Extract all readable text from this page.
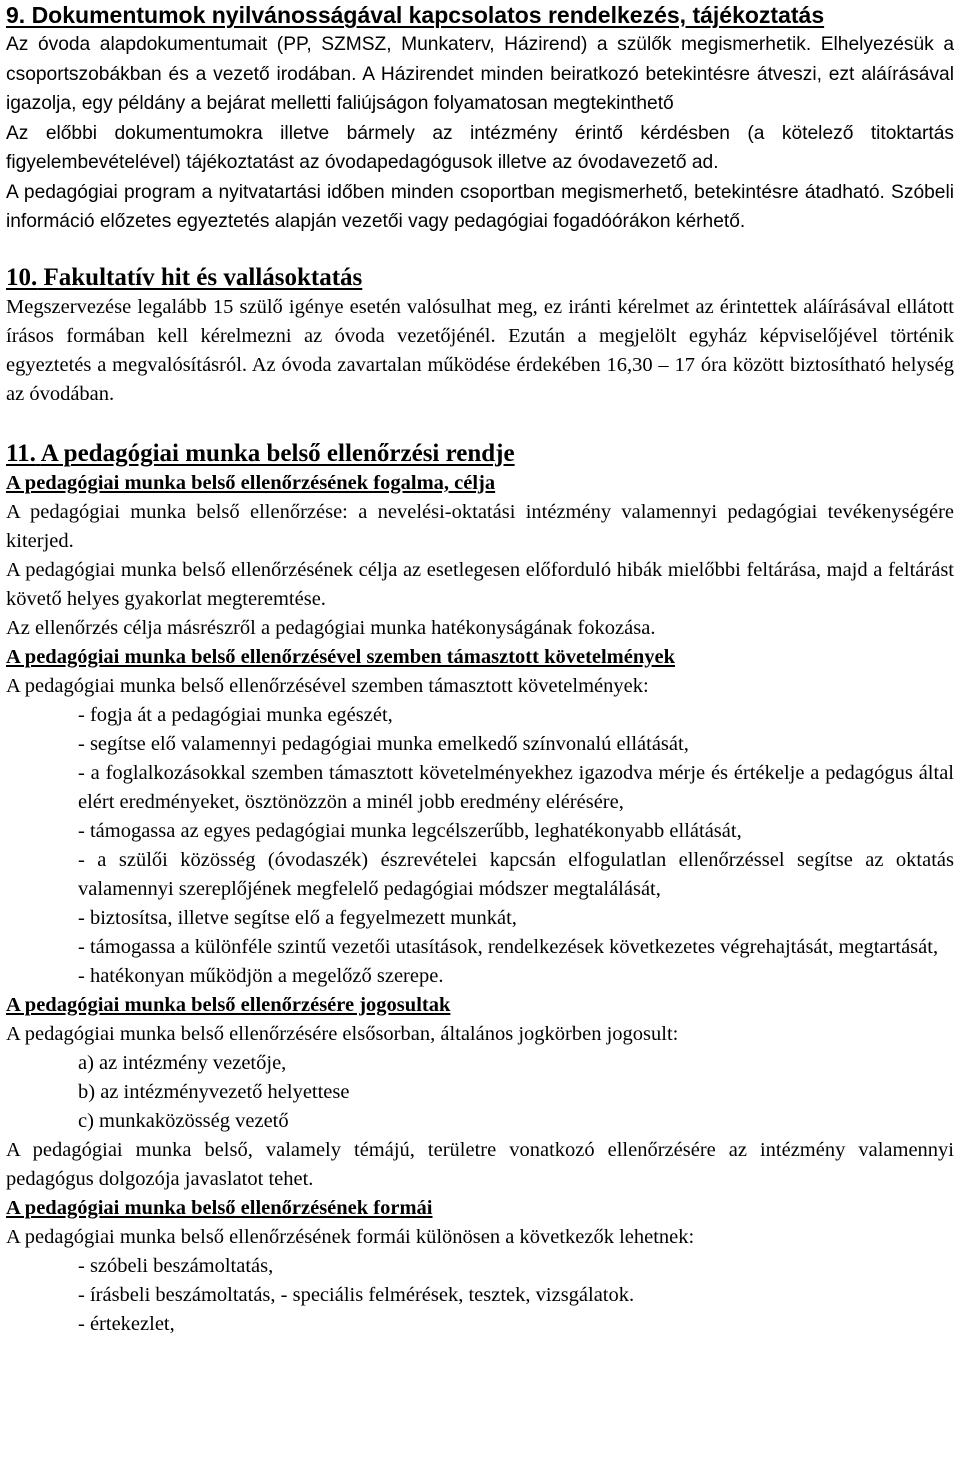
9. Dokumentumok nyilvánosságával kapcsolatos rendelkezés, tájékoztatás

Az óvoda alapdokumentumait (PP, SZMSZ, Munkaterv, Házirend) a szülők megismerhetik. Elhelyezésük a csoportszobákban és a vezető irodában. A Házirendet minden beiratkozó betekintésre átveszi, ezt aláírásával igazolja, egy példány a bejárat melletti faliújságon folyamatosan megtekinthető

Az előbbi dokumentumokra illetve bármely az intézmény érintő kérdésben (a kötelező titoktartás figyelembevételével) tájékoztatást az óvodapedagógusok illetve az óvodavezető ad.

A pedagógiai program a nyitvatartási időben minden csoportban megismerhető, betekintésre átadható. Szóbeli információ előzetes egyeztetés alapján vezetői vagy pedagógiai fogadóórákon kérhető.

10. Fakultatív hit és vallásoktatás

Megszervezése legalább 15 szülő igénye esetén valósulhat meg, ez iránti kérelmet az érintettek aláírásával ellátott írásos formában kell kérelmezni az óvoda vezetőjénél. Ezután a megjelölt egyház képviselőjével történik egyeztetés a megvalósításról. Az óvoda zavartalan működése érdekében 16,30 – 17 óra között biztosítható helység az óvodában.

11. A pedagógiai munka belső ellenőrzési rendje
A pedagógiai munka belső ellenőrzésének fogalma, célja

A pedagógiai munka belső ellenőrzése: a nevelési-oktatási intézmény valamennyi pedagógiai tevékenységére kiterjed.

A pedagógiai munka belső ellenőrzésének célja az esetlegesen előforduló hibák mielőbbi feltárása, majd a feltárást követő helyes gyakorlat megteremtése.

Az ellenőrzés célja másrészről a pedagógiai munka hatékonyságának fokozása.

A pedagógiai munka belső ellenőrzésével szemben támasztott követelmények

A pedagógiai munka belső ellenőrzésével szemben támasztott követelmények:

- fogja át a pedagógiai munka egészét,
- segítse elő valamennyi pedagógiai munka emelkedő színvonalú ellátását,
- a foglalkozásokkal szemben támasztott követelményekhez igazodva mérje és értékelje a pedagógus által elért eredményeket, ösztönözzön a minél jobb eredmény elérésére,
- támogassa az egyes pedagógiai munka legcélszerűbb, leghatékonyabb ellátását,
- a szülői közösség (óvodaszék) észrevételei kapcsán elfogulatlan ellenőrzéssel segítse az oktatás valamennyi szereplőjének megfelelő pedagógiai módszer megtalálását,
- biztosítsa, illetve segítse elő a fegyelmezett munkát,
- támogassa a különféle szintű vezetői utasítások, rendelkezések következetes végrehajtását, megtartását,
- hatékonyan működjön a megelőző szerepe.
A pedagógiai munka belső ellenőrzésére jogosultak

A pedagógiai munka belső ellenőrzésére elsősorban, általános jogkörben jogosult:

a) az intézmény vezetője,
b) az intézményvezető helyettese
c) munkaközösség vezető

A pedagógiai munka belső, valamely témájú, területre vonatkozó ellenőrzésére az intézmény valamennyi pedagógus dolgozója javaslatot tehet.

A pedagógiai munka belső ellenőrzésének formái

A pedagógiai munka belső ellenőrzésének formái különösen a következők lehetnek:

- szóbeli beszámoltatás,
- írásbeli beszámoltatás, - speciális felmérések, tesztek, vizsgálatok.
- értekezlet,
